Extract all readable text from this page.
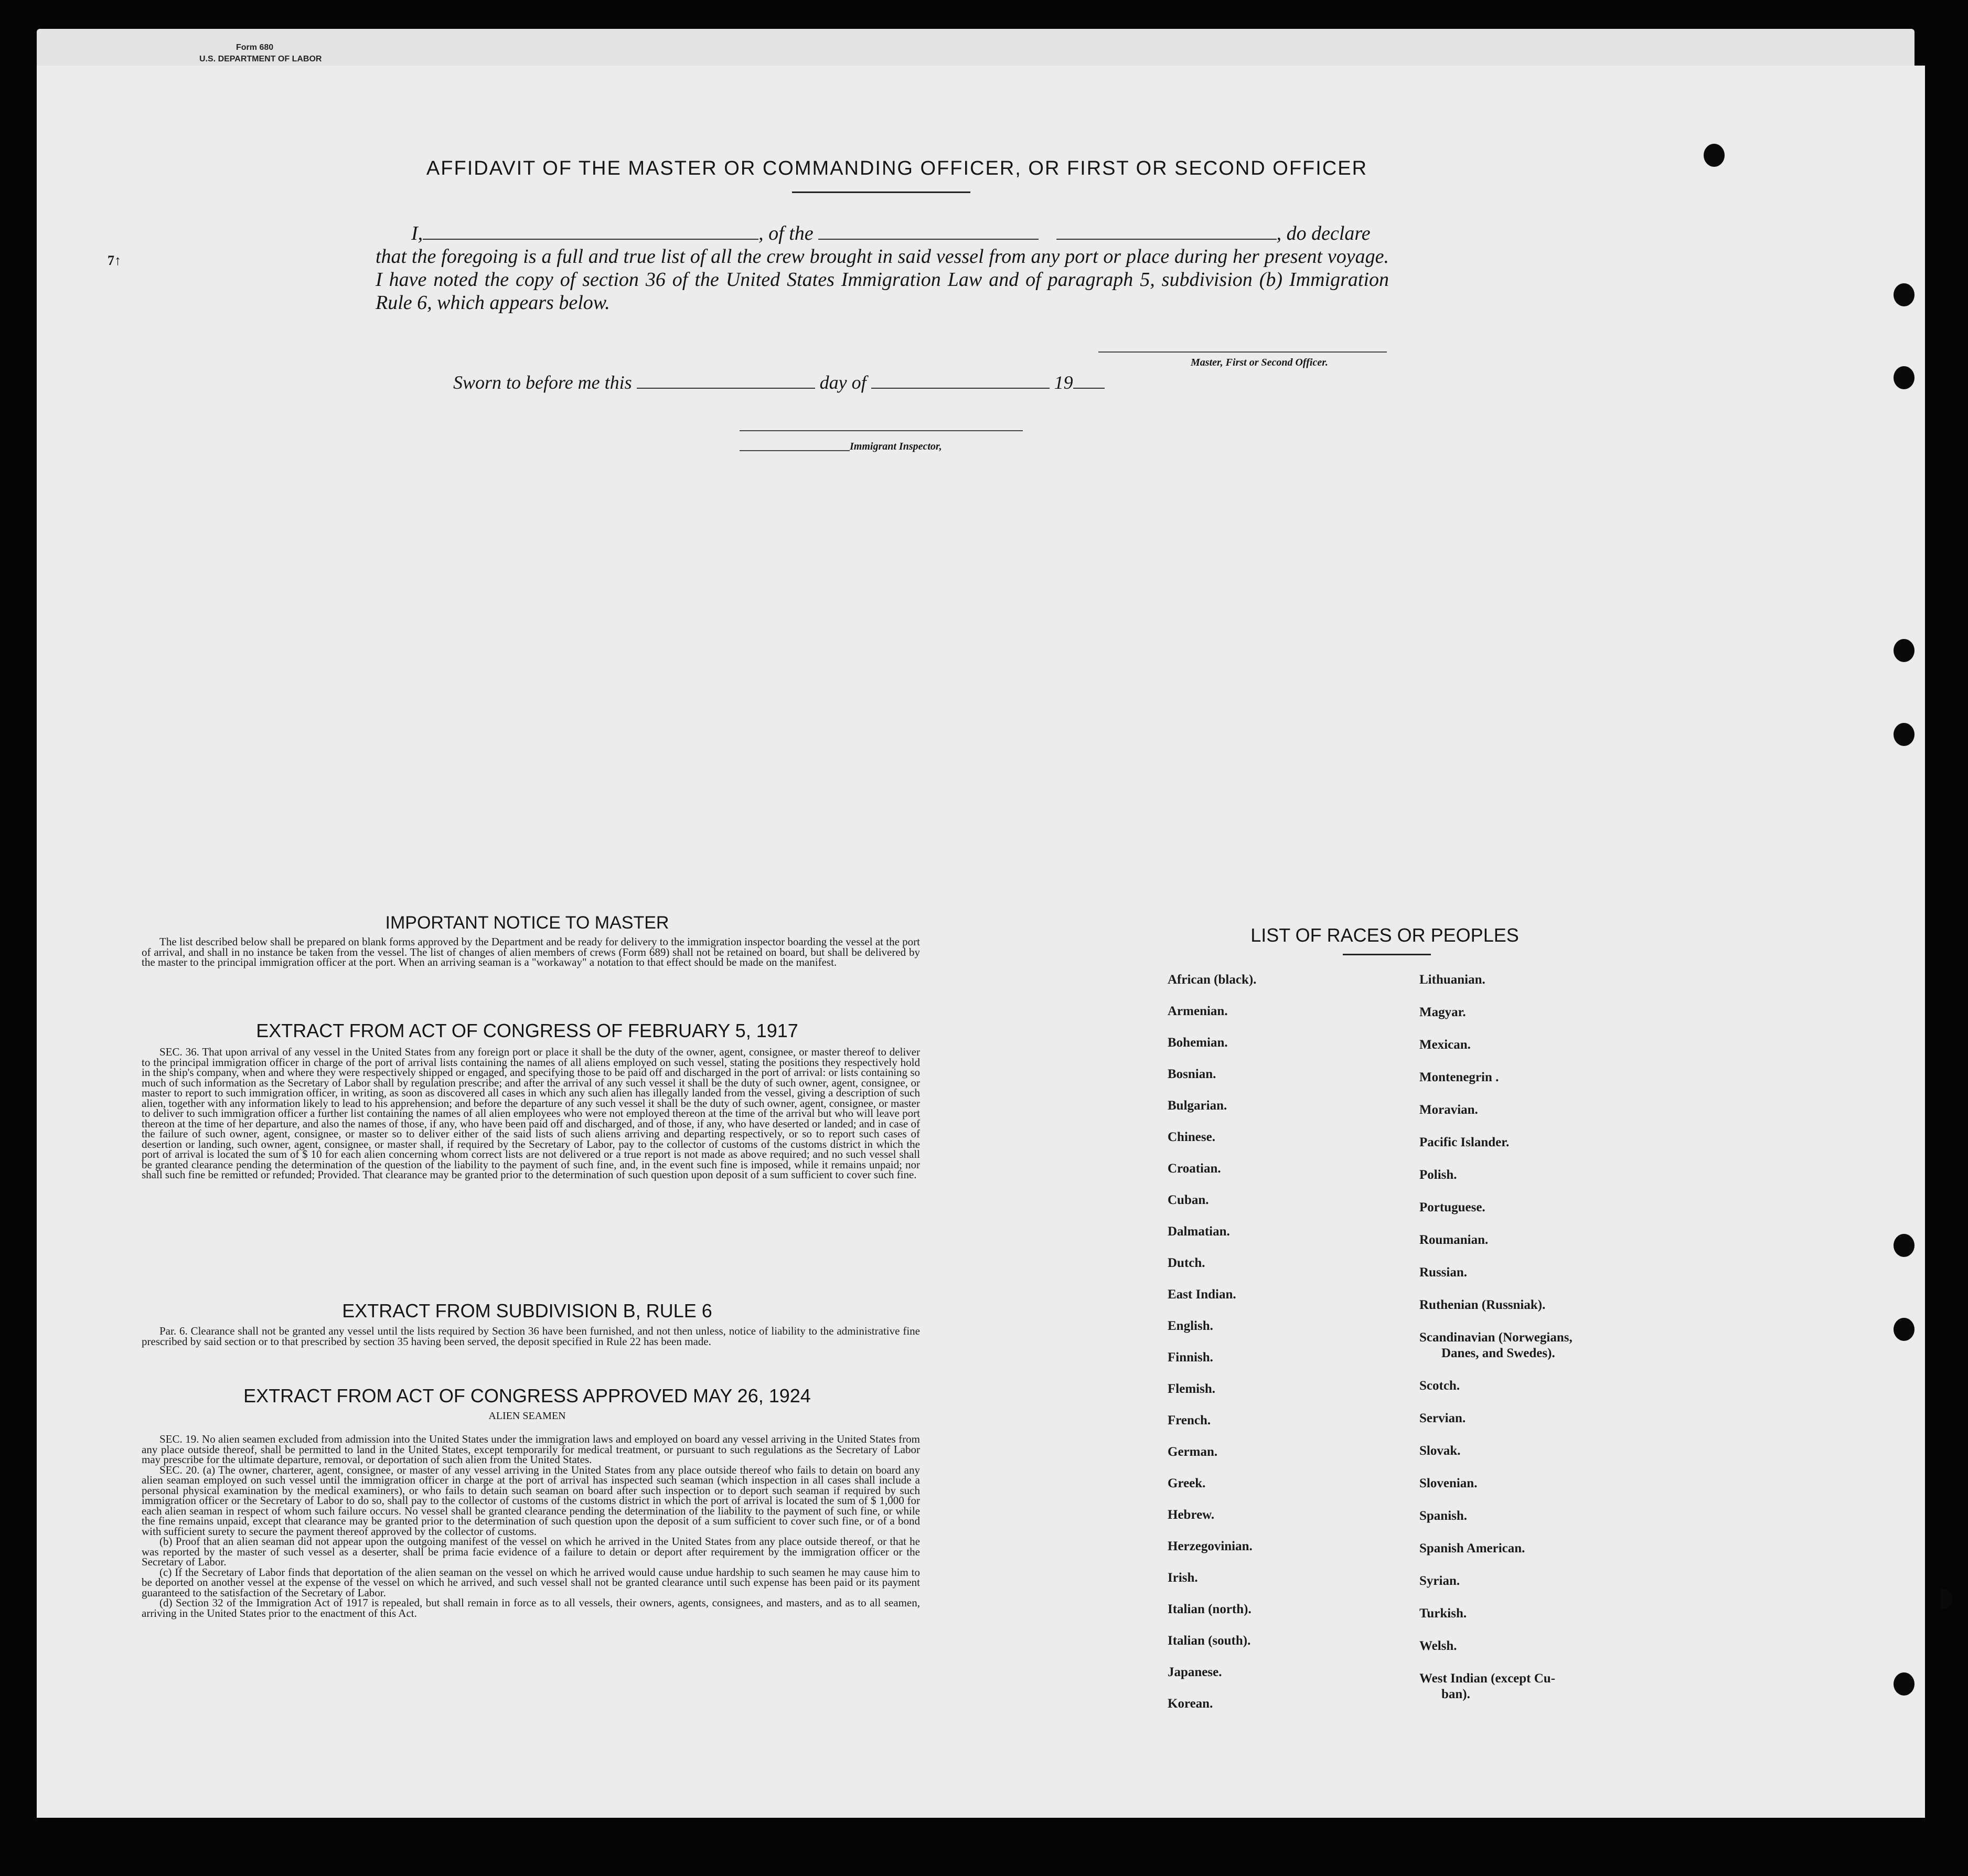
Form 680
U.S. DEPARTMENT OF LABOR
7↑
AFFIDAVIT OF THE MASTER OR COMMANDING OFFICER, OR FIRST OR SECOND OFFICER
I,	, of the	, do declare
that the foregoing is a full and true list of all the crew brought in said vessel from any port or place during her present voyage. I have noted the copy of section 36 of the United States Immigration Law and of paragraph 5, subdivision (b) Immigration Rule 6, which appears below.
Master, First or Second Officer.
Sworn to before me this	day of	19
Immigrant Inspector,
IMPORTANT NOTICE TO MASTER

The list described below shall be prepared on blank forms approved by the Department and be ready for delivery to the immigration inspector boarding the vessel at the port of arrival, and shall in no instance be taken from the vessel. The list of changes of alien members of crews (Form 689) shall not be retained on board, but shall be delivered by the master to the principal immigration officer at the port. When an arriving seaman is a "workaway" a notation to that effect should be made on the manifest.

EXTRACT FROM ACT OF CONGRESS OF FEBRUARY 5, 1917

SEC. 36. That upon arrival of any vessel in the United States from any foreign port or place it shall be the duty of the owner, agent, consignee, or master thereof to deliver to the principal immigration officer in charge of the port of arrival lists containing the names of all aliens employed on such vessel, stating the positions they respectively hold in the ship's company, when and where they were respectively shipped or engaged, and specifying those to be paid off and discharged in the port of arrival: or lists containing so much of such information as the Secretary of Labor shall by regulation prescribe; and after the arrival of any such vessel it shall be the duty of such owner, agent, consignee, or master to report to such immigration officer, in writing, as soon as discovered all cases in which any such alien has illegally landed from the vessel, giving a description of such alien, together with any information likely to lead to his apprehension; and before the departure of any such vessel it shall be the duty of such owner, agent, consignee, or master to deliver to such immigration officer a further list containing the names of all alien employees who were not employed thereon at the time of the arrival but who will leave port thereon at the time of her departure, and also the names of those, if any, who have been paid off and discharged, and of those, if any, who have deserted or landed; and in case of the failure of such owner, agent, consignee, or master so to deliver either of the said lists of such aliens arriving and departing respectively, or so to report such cases of desertion or landing, such owner, agent, consignee, or master shall, if required by the Secretary of Labor, pay to the collector of customs of the customs district in which the port of arrival is located the sum of $ 10 for each alien concerning whom correct lists are not delivered or a true report is not made as above required; and no such vessel shall be granted clearance pending the determination of the question of the liability to the payment of such fine, and, in the event such fine is imposed, while it remains unpaid; nor shall such fine be remitted or refunded; Provided. That clearance may be granted prior to the determination of such question upon deposit of a sum sufficient to cover such fine.

EXTRACT FROM SUBDIVISION B, RULE 6

Par. 6. Clearance shall not be granted any vessel until the lists required by Section 36 have been furnished, and not then unless, notice of liability to the administrative fine prescribed by said section or to that prescribed by section 35 having been served, the deposit specified in Rule 22 has been made.

EXTRACT FROM ACT OF CONGRESS APPROVED MAY 26, 1924
ALIEN SEAMEN

SEC. 19. No alien seamen excluded from admission into the United States under the immigration laws and employed on board any vessel arriving in the United States from any place outside thereof, shall be permitted to land in the United States, except temporarily for medical treatment, or pursuant to such regulations as the Secretary of Labor may prescribe for the ultimate departure, removal, or deportation of such alien from the United States.

SEC. 20. (a) The owner, charterer, agent, consignee, or master of any vessel arriving in the United States from any place outside thereof who fails to detain on board any alien seaman employed on such vessel until the immigration officer in charge at the port of arrival has inspected such seaman (which inspection in all cases shall include a personal physical examination by the medical examiners), or who fails to detain such seaman on board after such inspection or to deport such seaman if required by such immigration officer or the Secretary of Labor to do so, shall pay to the collector of customs of the customs district in which the port of arrival is located the sum of $ 1,000 for each alien seaman in respect of whom such failure occurs. No vessel shall be granted clearance pending the determination of the liability to the payment of such fine, or while the fine remains unpaid, except that clearance may be granted prior to the determination of such question upon the deposit of a sum sufficient to cover such fine, or of a bond with sufficient surety to secure the payment thereof approved by the collector of customs.

(b) Proof that an alien seaman did not appear upon the outgoing manifest of the vessel on which he arrived in the United States from any place outside thereof, or that he was reported by the master of such vessel as a deserter, shall be prima facie evidence of a failure to detain or deport after requirement by the immigration officer or the Secretary of Labor.

(c) If the Secretary of Labor finds that deportation of the alien seaman on the vessel on which he arrived would cause undue hardship to such seamen he may cause him to be deported on another vessel at the expense of the vessel on which he arrived, and such vessel shall not be granted clearance until such expense has been paid or its payment guaranteed to the satisfaction of the Secretary of Labor.

(d) Section 32 of the Immigration Act of 1917 is repealed, but shall remain in force as to all vessels, their owners, agents, consignees, and masters, and as to all seamen, arriving in the United States prior to the enactment of this Act.

LIST OF RACES OR PEOPLES
African (black).
Armenian.
Bohemian.
Bosnian.
Bulgarian.
Chinese.
Croatian.
Cuban.
Dalmatian.
Dutch.
East Indian.
English.
Finnish.
Flemish.
French.
German.
Greek.
Hebrew.
Herzegovinian.
Irish.
Italian (north).
Italian (south).
Japanese.
Korean.
Lithuanian.
Magyar.
Mexican.
Montenegrin .
Moravian.
Pacific Islander.
Polish.
Portuguese.
Roumanian.
Russian.
Ruthenian (Russniak).
Scandinavian (Norwegians,
Danes, and Swedes).
Scotch.
Servian.
Slovak.
Slovenian.
Spanish.
Spanish American.
Syrian.
Turkish.
Welsh.
West Indian (except Cu-
ban).
